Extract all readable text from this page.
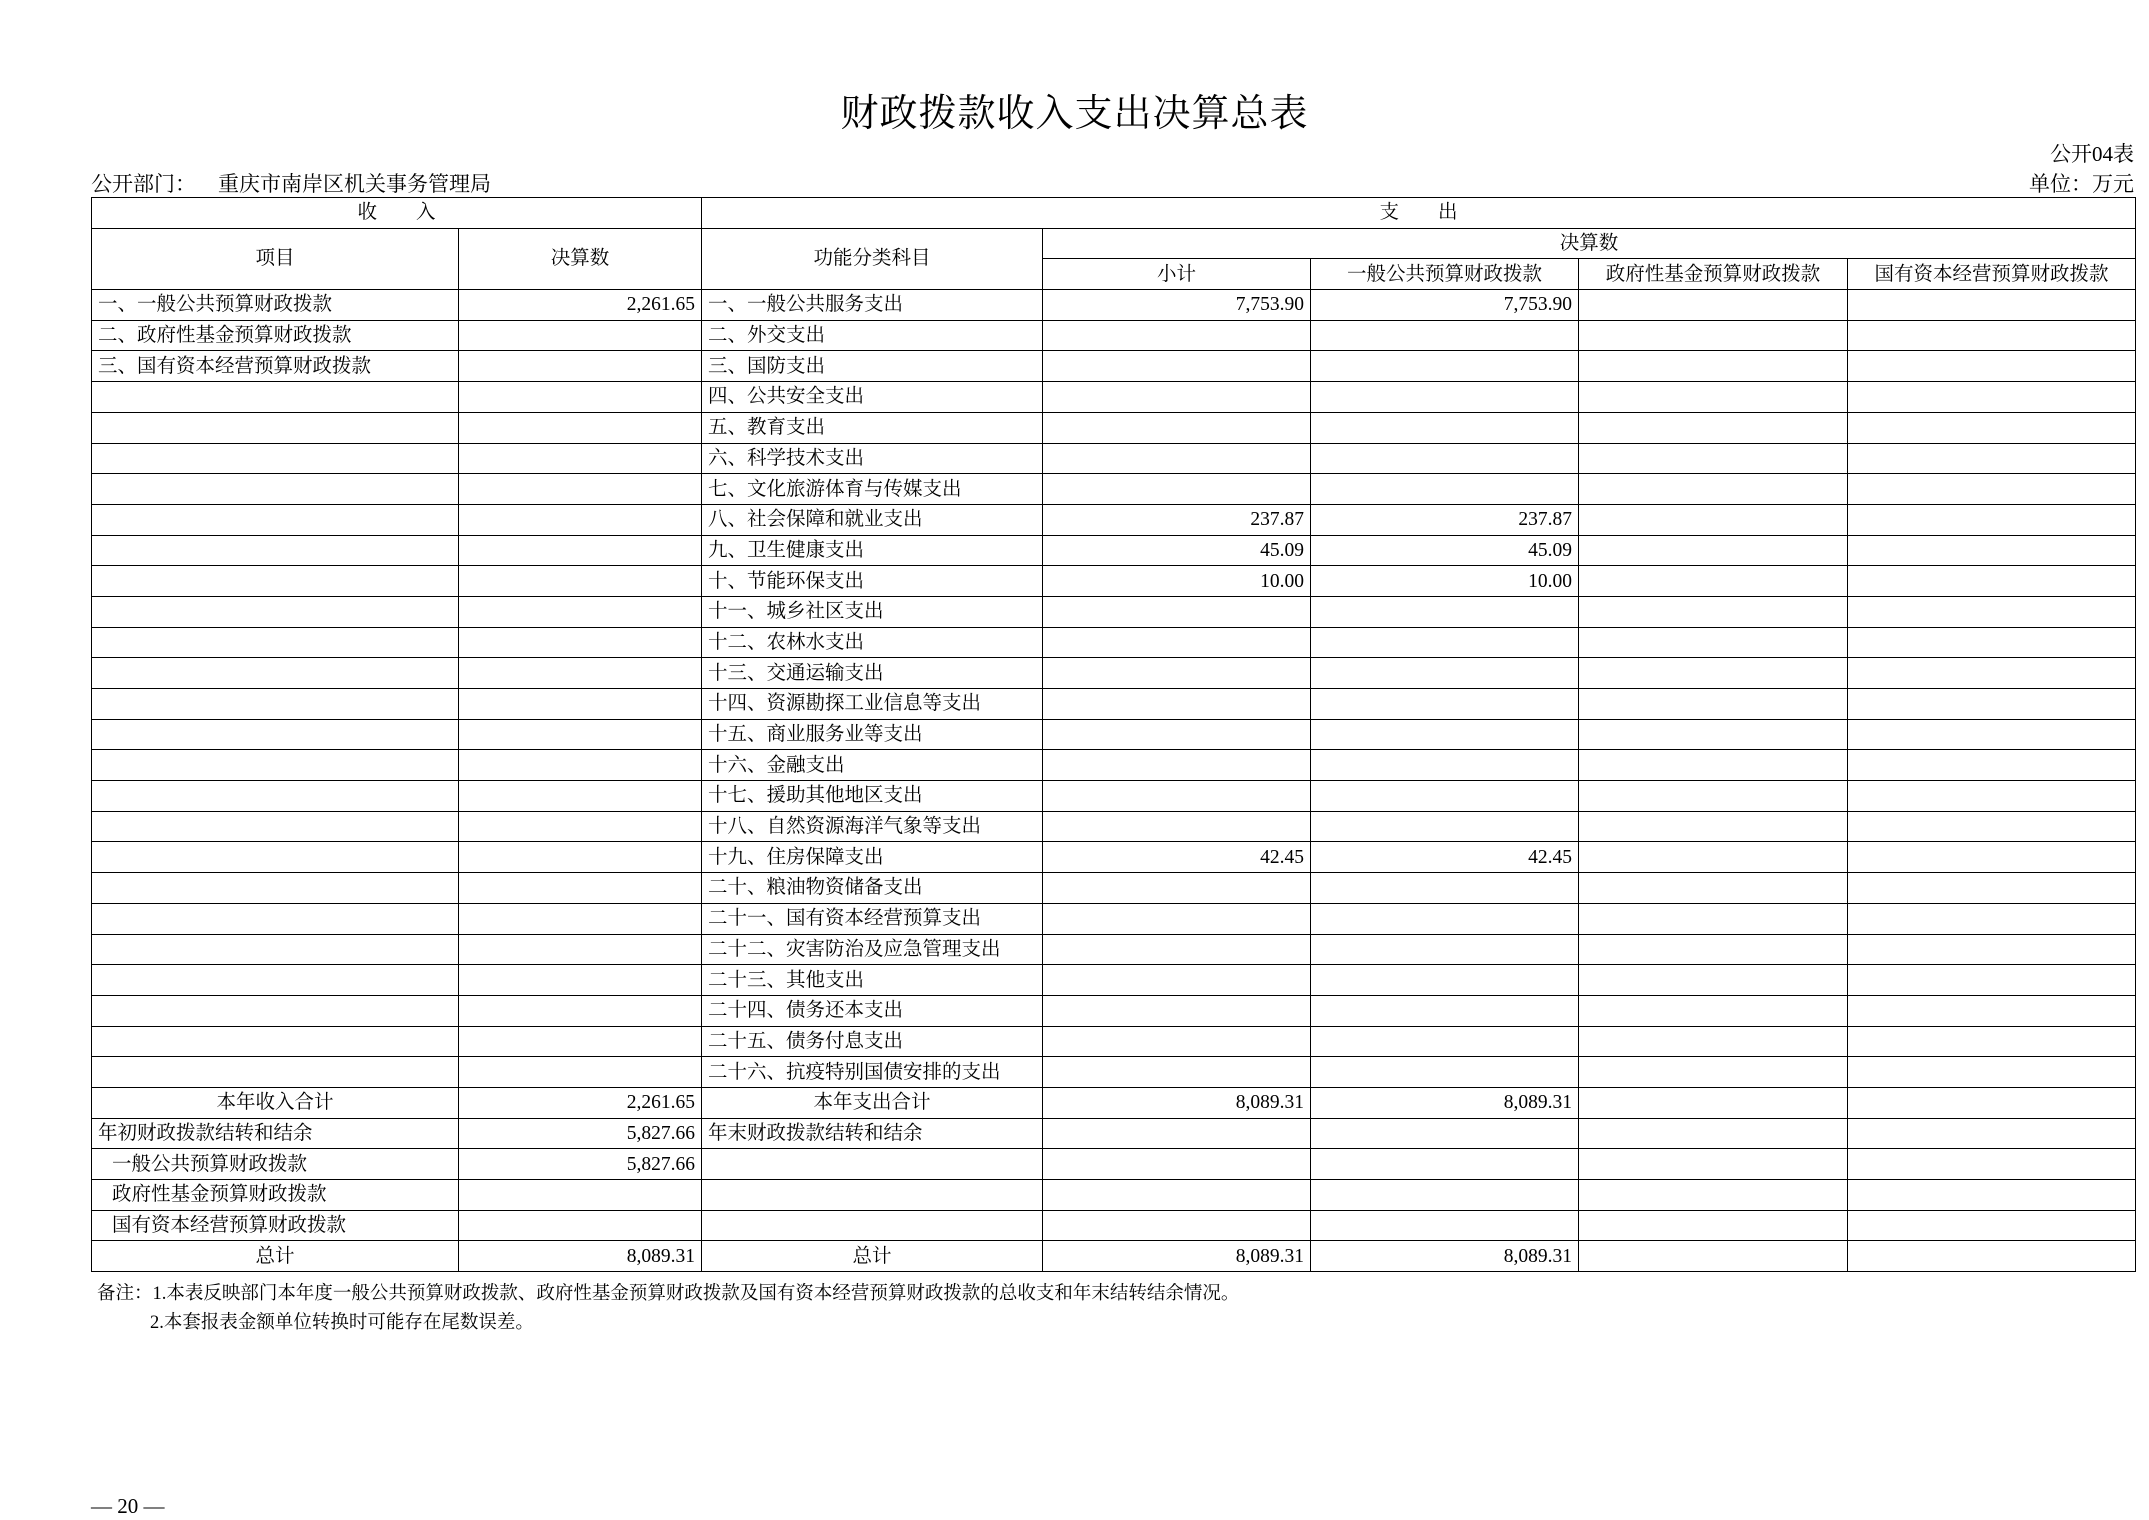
财政拨款收入支出决算总表
公开04表
公开部门： 重庆市南岸区机关事务管理局	单位：万元
收        入		支        出				
项目	决算数	功能分类科目	决算数			
			小计	一般公共预算财政拨款	政府性基金预算财政拨款	国有资本经营预算财政拨款
一、一般公共预算财政拨款	2,261.65	一、一般公共服务支出	7,753.90	7,753.90		
二、政府性基金预算财政拨款		二、外交支出				
三、国有资本经营预算财政拨款		三、国防支出				
		四、公共安全支出				
		五、教育支出				
		六、科学技术支出				
		七、文化旅游体育与传媒支出				
		八、社会保障和就业支出	237.87	237.87		
		九、卫生健康支出	45.09	45.09		
		十、节能环保支出	10.00	10.00		
		十一、城乡社区支出				
		十二、农林水支出				
		十三、交通运输支出				
		十四、资源勘探工业信息等支出				
		十五、商业服务业等支出				
		十六、金融支出				
		十七、援助其他地区支出				
		十八、自然资源海洋气象等支出				
		十九、住房保障支出	42.45	42.45		
		二十、粮油物资储备支出				
		二十一、国有资本经营预算支出				
		二十二、灾害防治及应急管理支出				
		二十三、其他支出				
		二十四、债务还本支出				
		二十五、债务付息支出				
		二十六、抗疫特别国债安排的支出				
本年收入合计	2,261.65	本年支出合计	8,089.31	8,089.31		
年初财政拨款结转和结余	5,827.66	年末财政拨款结转和结余				
一般公共预算财政拨款	5,827.66					
政府性基金预算财政拨款						
国有资本经营预算财政拨款						
总计	8,089.31	总计	8,089.31	8,089.31		
备注：1.本表反映部门本年度一般公共预算财政拨款、政府性基金预算财政拨款及国有资本经营预算财政拨款的总收支和年末结转结余情况。
2.本套报表金额单位转换时可能存在尾数误差。
— 20 —
